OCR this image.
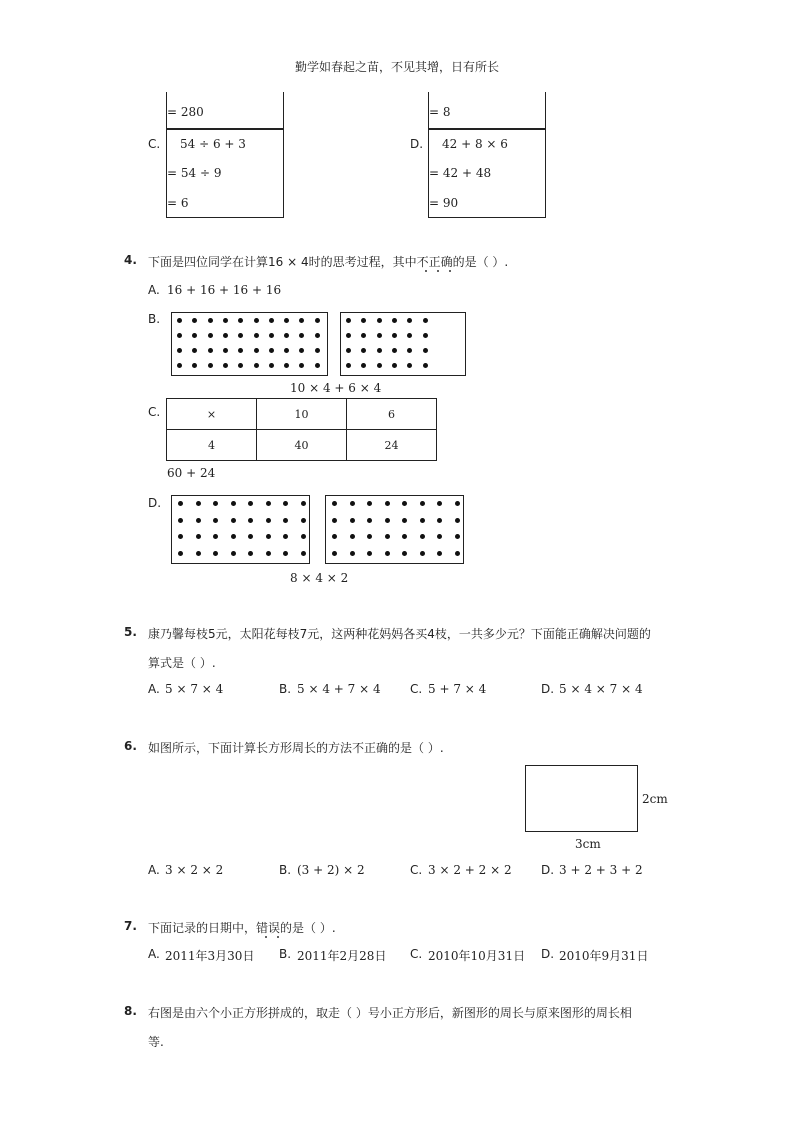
勤学如春起之苗，不见其增，日有所长
= 280
C. 54 ÷ 6 + 3
= 54 ÷ 9
= 6
= 8
D. 42 + 8 × 6
= 42 + 48
= 90
4. 下面是四位同学在计算16 × 4时的思考过程，其中不正确的是（ ）.
A. 16 + 16 + 16 + 16
B.
10 × 4 + 6 × 4
C.	×	10	6
4	40	24
60 + 24
D.
8 × 4 × 2
5. 康乃馨每枝5元，太阳花每枝7元，这两种花妈妈各买4枝，一共多少元？下面能正确解决问题的
算式是（ ）.
A. 5 × 7 × 4	B. 5 × 4 + 7 × 4 C. 5 + 7 × 4	D. 5 × 4 × 7 × 4
6. 如图所示，下面计算长方形周长的方法不正确的是（ ）.
2cm
3cm
A. 3 × 2 × 2	B. (3 + 2) × 2	C. 3 × 2 + 2 × 2 D. 3 + 2 + 3 + 2
7. 下面记录的日期中，错误的是（ ）.
A. 2011年3月30日 B. 2011年2月28日 C. 2010年10月31日 D. 2010年9月31日
8. 右图是由六个小正方形拼成的，取走（ ）号小正方形后，新图形的周长与原来图形的周长相
等.
